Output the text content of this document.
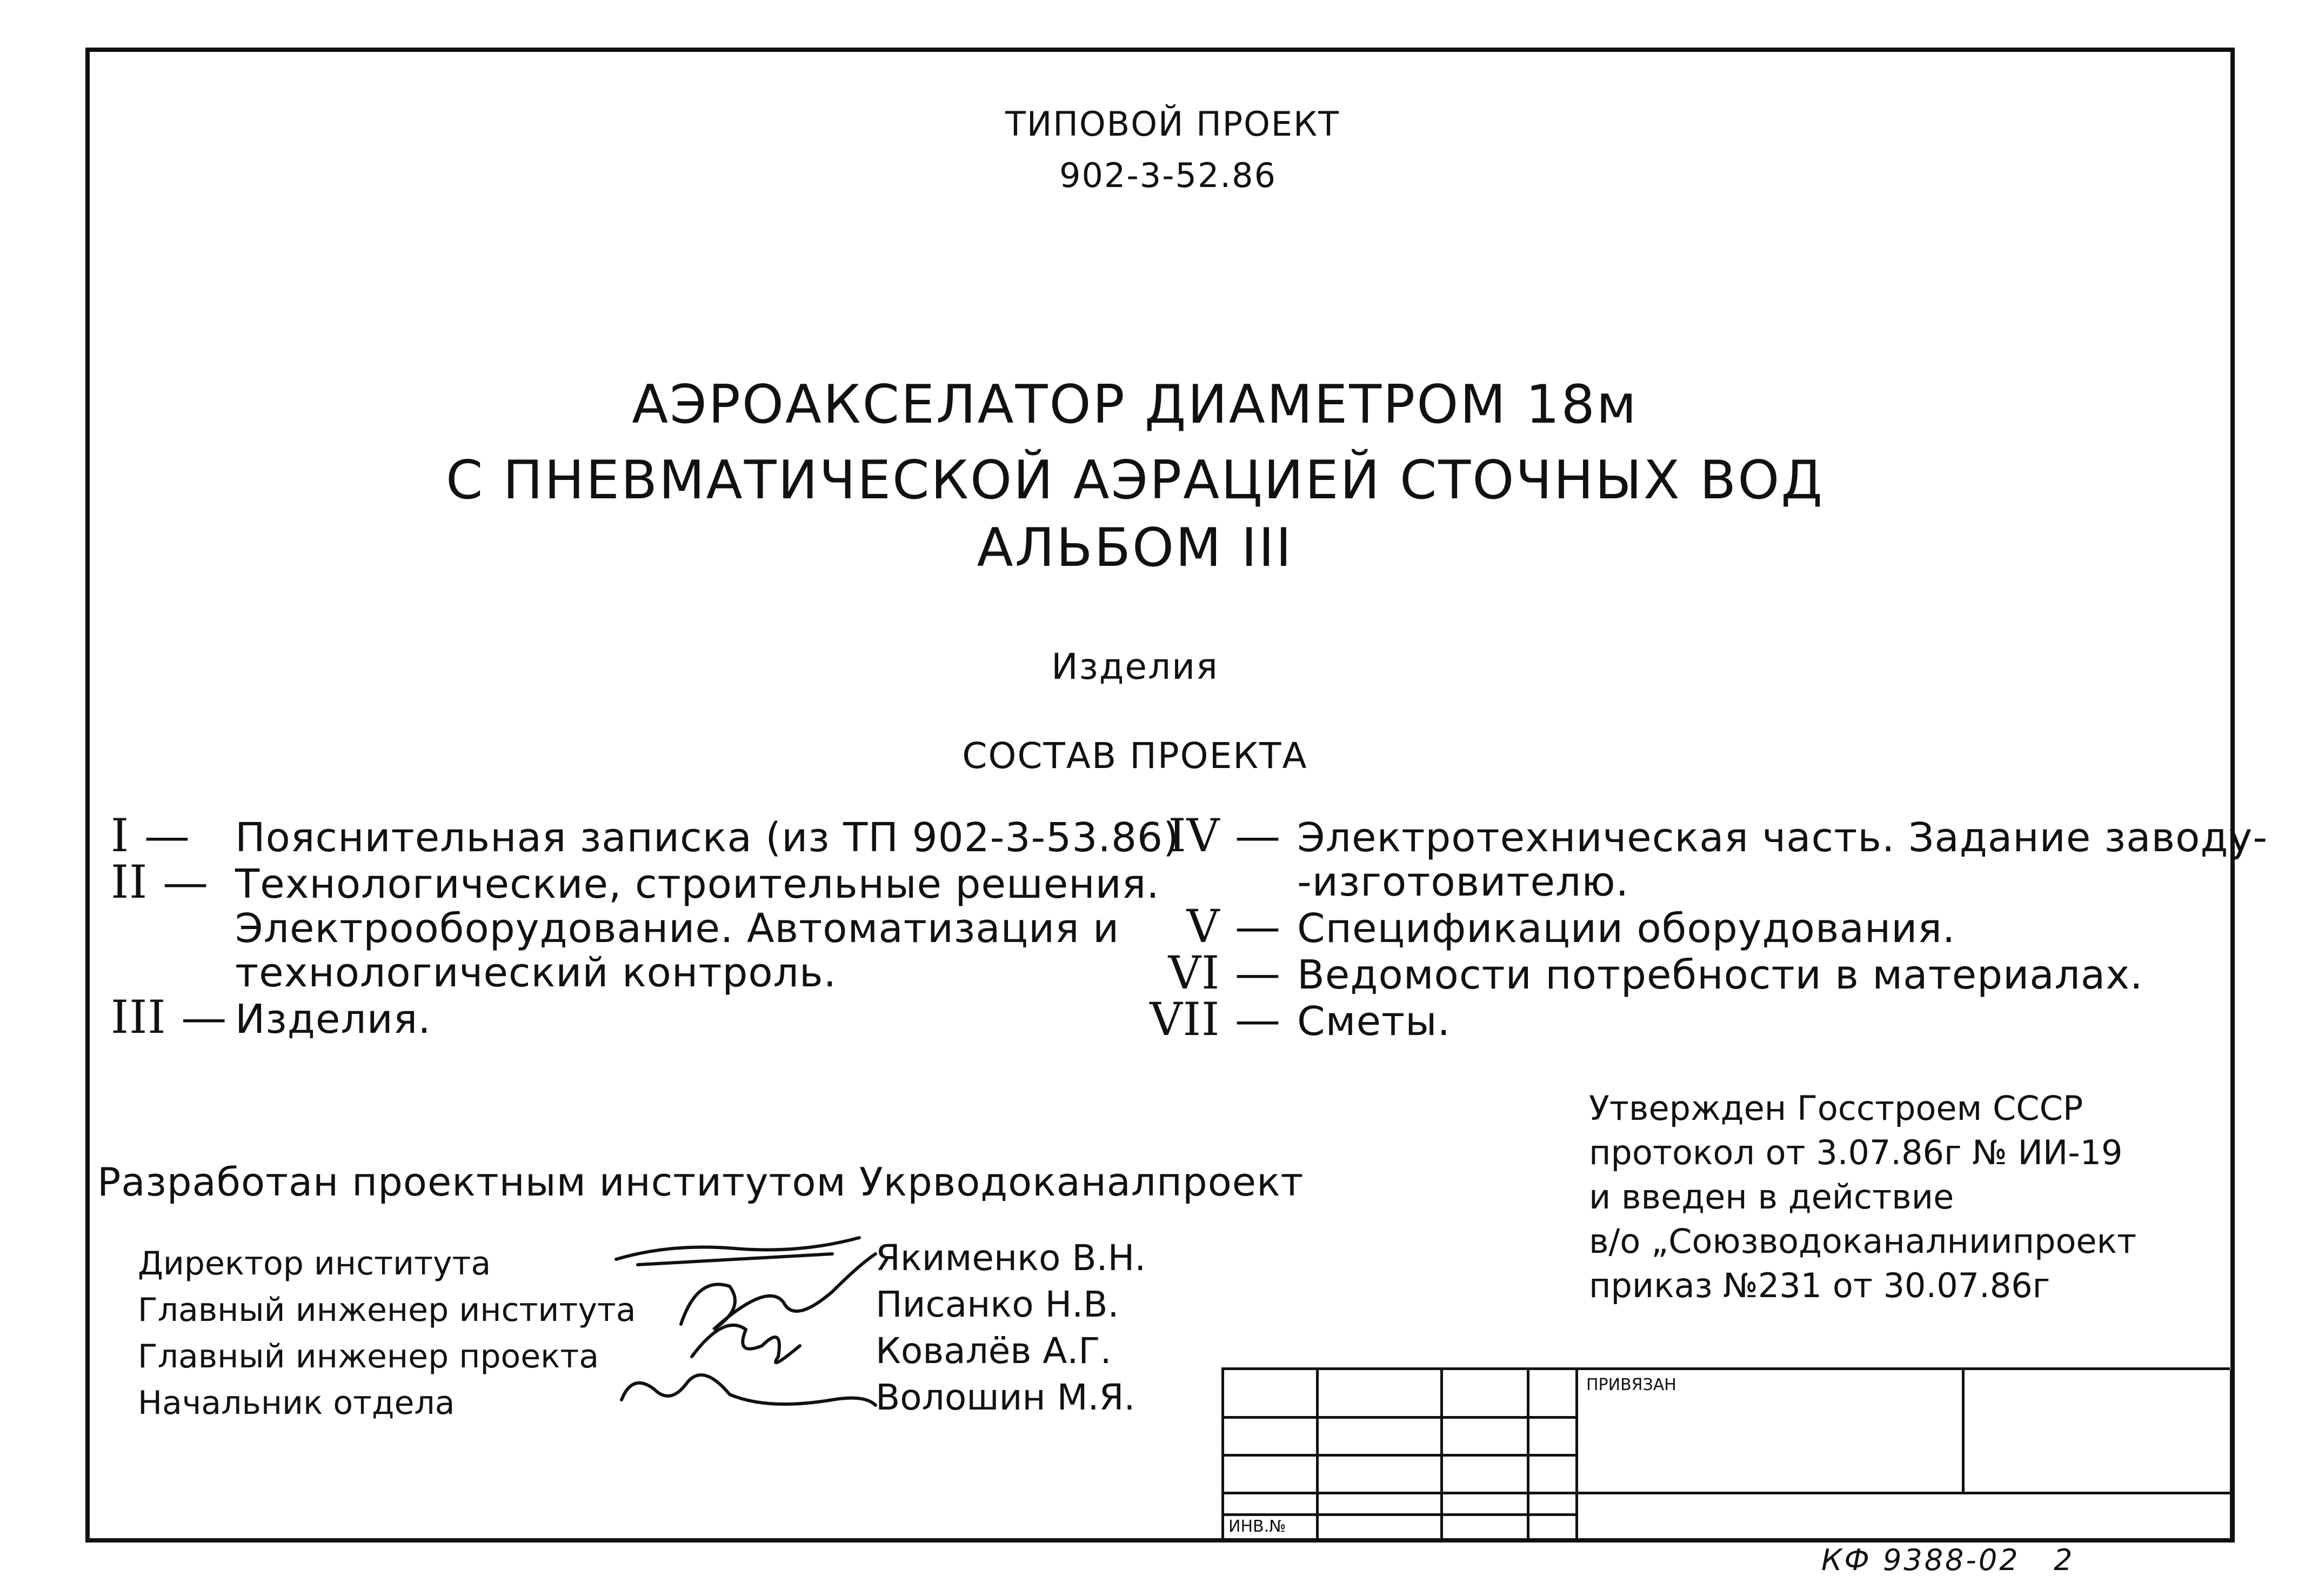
ТИПОВОЙ ПРОЕКТ
902-3-52.86
АЭРОАКСЕЛАТОР ДИАМЕТРОМ 18м
С ПНЕВМАТИЧЕСКОЙ АЭРАЦИЕЙ СТОЧНЫХ ВОД
АЛЬБОМ III
Изделия
СОСТАВ ПРОЕКТА
I — Пояснительная записка (из ТП 902-3-53.86)
II — Технологические, строительные решения.
Электрооборудование. Автоматизация и
технологический контроль.
III — Изделия.
IV — Электротехническая часть. Задание заводу-
-изготовителю.
V — Спецификации оборудования.
VI — Ведомости потребности в материалах.
VII — Сметы.
Разработан проектным институтом Укрводоканалпроект
Директор института
Главный инженер института
Главный инженер проекта
Начальник отдела
Якименко В.Н.
Писанко Н.В.
Ковалёв А.Г.
Волошин М.Я.
Утвержден Госстроем СССР
протокол от 3.07.86г № ИИ-19
и введен в действие
в/о „Союзводоканалниипроект
приказ №231 от 30.07.86г
ПРИВЯЗАН
ИНВ.№
КФ 9388-02 2
